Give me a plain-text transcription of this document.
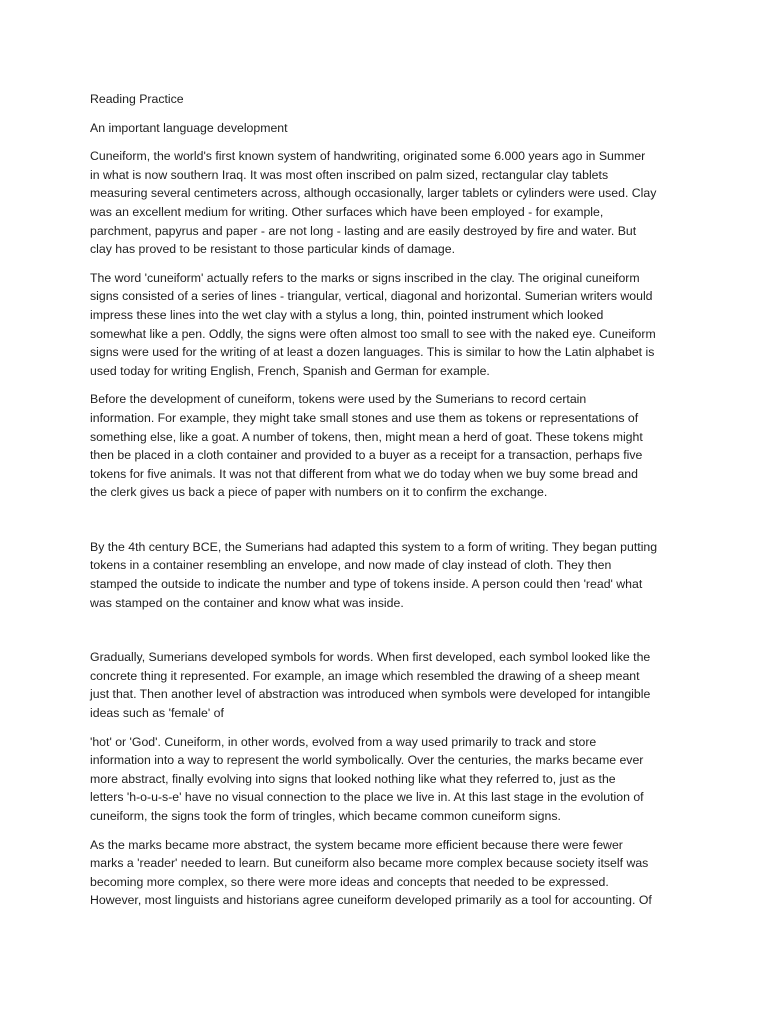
Reading Practice
An important language development
Cuneiform, the world's first known system of handwriting, originated some 6.000 years ago in Summer
in what is now southern Iraq. It was most often inscribed on palm sized, rectangular clay tablets
measuring several centimeters across, although occasionally, larger tablets or cylinders were used. Clay
was an excellent medium for writing. Other surfaces which have been employed - for example,
parchment, papyrus and paper - are not long - lasting and are easily destroyed by fire and water. But
clay has proved to be resistant to those particular kinds of damage.
The word 'cuneiform' actually refers to the marks or signs inscribed in the clay. The original cuneiform
signs consisted of a series of lines - triangular, vertical, diagonal and horizontal. Sumerian writers would
impress these lines into the wet clay with a stylus a long, thin, pointed instrument which looked
somewhat like a pen. Oddly, the signs were often almost too small to see with the naked eye. Cuneiform
signs were used for the writing of at least a dozen languages. This is similar to how the Latin alphabet is
used today for writing English, French, Spanish and German for example.
Before the development of cuneiform, tokens were used by the Sumerians to record certain
information. For example, they might take small stones and use them as tokens or representations of
something else, like a goat. A number of tokens, then, might mean a herd of goat. These tokens might
then be placed in a cloth container and provided to a buyer as a receipt for a transaction, perhaps five
tokens for five animals. It was not that different from what we do today when we buy some bread and
the clerk gives us back a piece of paper with numbers on it to confirm the exchange.
By the 4th century BCE, the Sumerians had adapted this system to a form of writing. They began putting
tokens in a container resembling an envelope, and now made of clay instead of cloth. They then
stamped the outside to indicate the number and type of tokens inside. A person could then 'read' what
was stamped on the container and know what was inside.
Gradually, Sumerians developed symbols for words. When first developed, each symbol looked like the
concrete thing it represented. For example, an image which resembled the drawing of a sheep meant
just that. Then another level of abstraction was introduced when symbols were developed for intangible
ideas such as 'female' of
'hot' or 'God'. Cuneiform, in other words, evolved from a way used primarily to track and store
information into a way to represent the world symbolically. Over the centuries, the marks became ever
more abstract, finally evolving into signs that looked nothing like what they referred to, just as the
letters 'h-o-u-s-e' have no visual connection to the place we live in. At this last stage in the evolution of
cuneiform, the signs took the form of tringles, which became common cuneiform signs.
As the marks became more abstract, the system became more efficient because there were fewer
marks a 'reader' needed to learn. But cuneiform also became more complex because society itself was
becoming more complex, so there were more ideas and concepts that needed to be expressed.
However, most linguists and historians agree cuneiform developed primarily as a tool for accounting. Of
